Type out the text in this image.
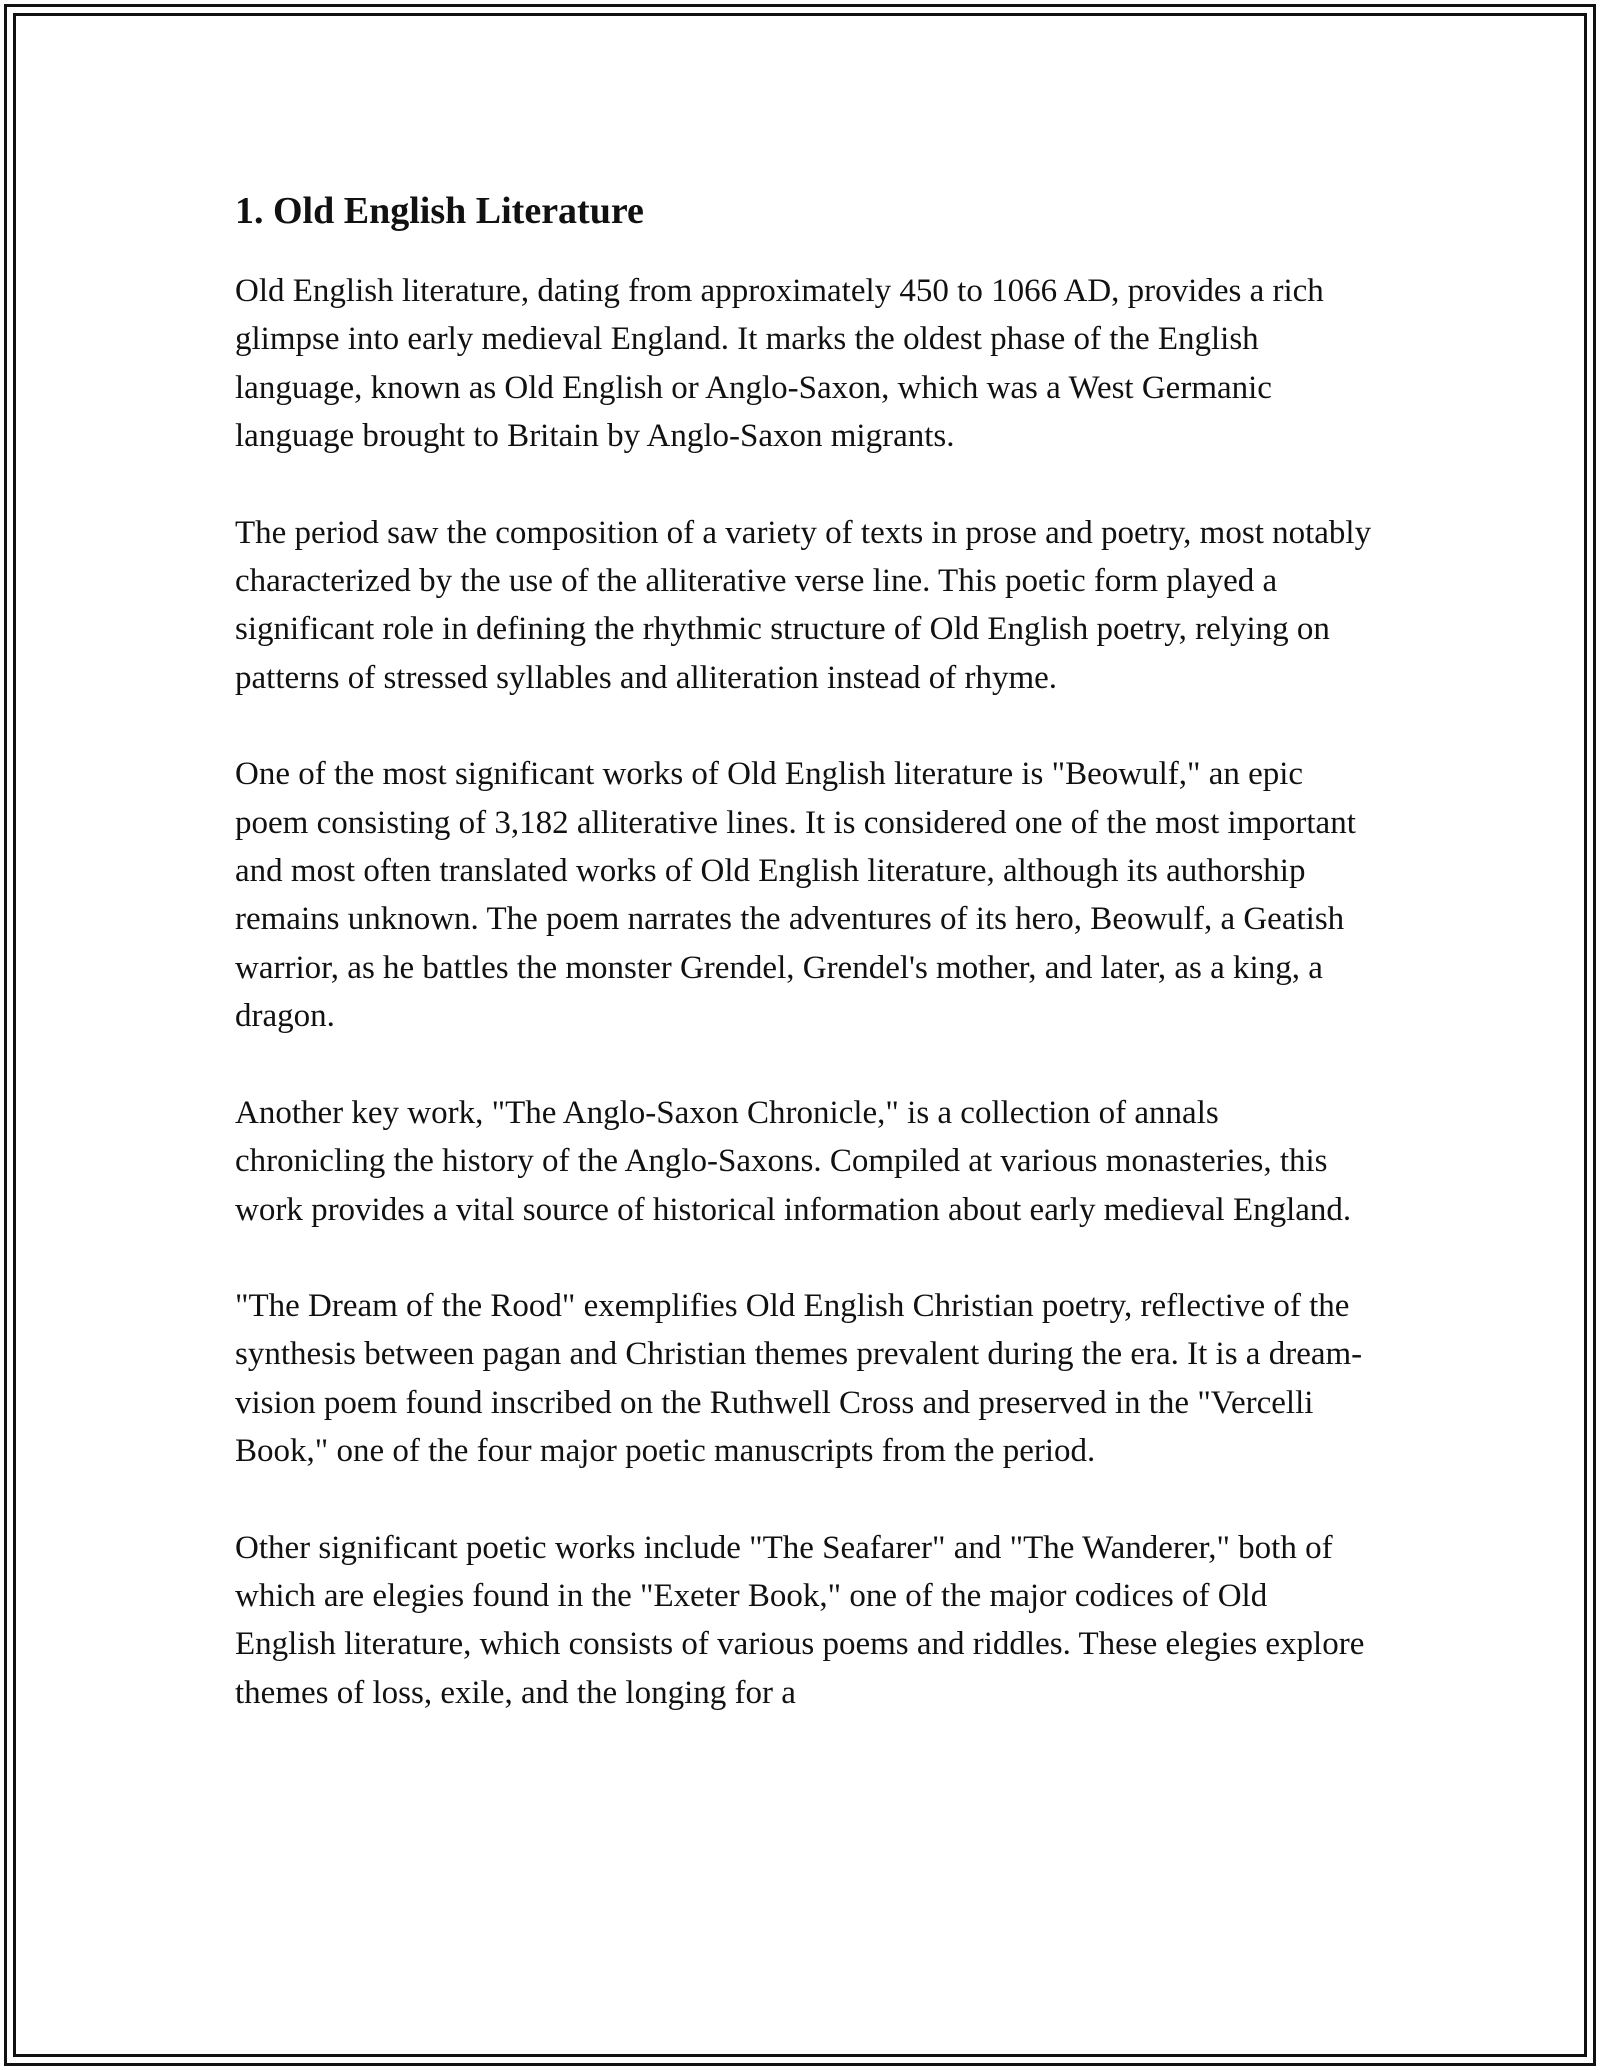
1. Old English Literature

Old English literature, dating from approximately 450 to 1066 AD, provides a rich glimpse into early medieval England. It marks the oldest phase of the English language, known as Old English or Anglo-Saxon, which was a West Germanic language brought to Britain by Anglo-Saxon migrants.

The period saw the composition of a variety of texts in prose and poetry, most notably characterized by the use of the alliterative verse line. This poetic form played a significant role in defining the rhythmic structure of Old English poetry, relying on patterns of stressed syllables and alliteration instead of rhyme.

One of the most significant works of Old English literature is "Beowulf," an epic poem consisting of 3,182 alliterative lines. It is considered one of the most important and most often translated works of Old English literature, although its authorship remains unknown. The poem narrates the adventures of its hero, Beowulf, a Geatish warrior, as he battles the monster Grendel, Grendel's mother, and later, as a king, a dragon.

Another key work, "The Anglo-Saxon Chronicle," is a collection of annals chronicling the history of the Anglo-Saxons. Compiled at various monasteries, this work provides a vital source of historical information about early medieval England.

"The Dream of the Rood" exemplifies Old English Christian poetry, reflective of the synthesis between pagan and Christian themes prevalent during the era. It is a dream-vision poem found inscribed on the Ruthwell Cross and preserved in the "Vercelli Book," one of the four major poetic manuscripts from the period.

Other significant poetic works include "The Seafarer" and "The Wanderer," both of which are elegies found in the "Exeter Book," one of the major codices of Old English literature, which consists of various poems and riddles. These elegies explore themes of loss, exile, and the longing for a
